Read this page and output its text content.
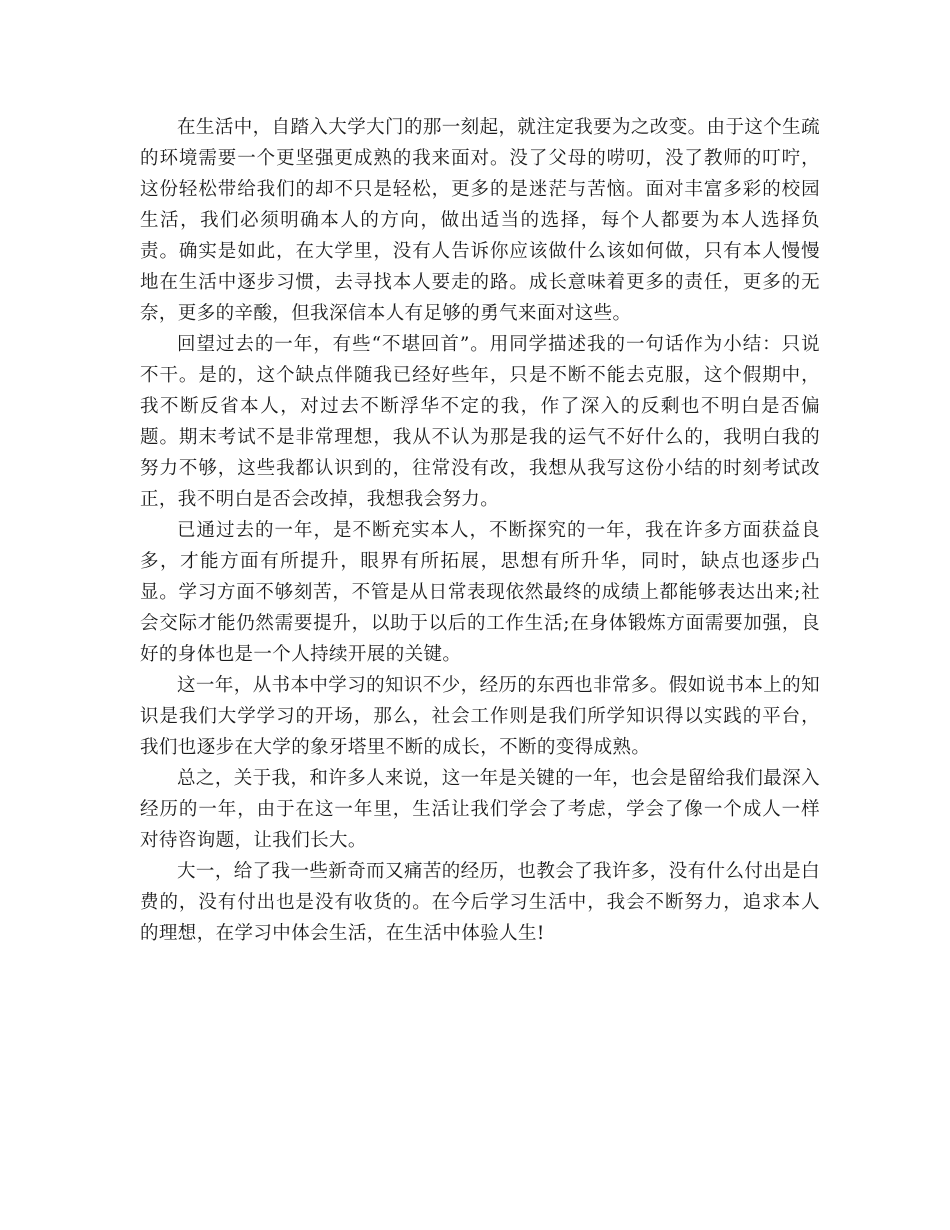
在生活中，自踏入大学大门的那一刻起，就注定我要为之改变。由于这个生疏的环境需要一个更坚强更成熟的我来面对。没了父母的唠叨，没了教师的叮咛，这份轻松带给我们的却不只是轻松，更多的是迷茫与苦恼。面对丰富多彩的校园生活，我们必须明确本人的方向，做出适当的选择，每个人都要为本人选择负责。确实是如此，在大学里，没有人告诉你应该做什么该如何做，只有本人慢慢地在生活中逐步习惯，去寻找本人要走的路。成长意味着更多的责任，更多的无奈，更多的辛酸，但我深信本人有足够的勇气来面对这些。

回望过去的一年，有些“不堪回首”。用同学描述我的一句话作为小结：只说不干。是的，这个缺点伴随我已经好些年，只是不断不能去克服，这个假期中，我不断反省本人，对过去不断浮华不定的我，作了深入的反剩也不明白是否偏题。期末考试不是非常理想，我从不认为那是我的运气不好什么的，我明白我的努力不够，这些我都认识到的，往常没有改，我想从我写这份小结的时刻考试改正，我不明白是否会改掉，我想我会努力。

已通过去的一年，是不断充实本人，不断探究的一年，我在许多方面获益良多，才能方面有所提升，眼界有所拓展，思想有所升华，同时，缺点也逐步凸显。学习方面不够刻苦，不管是从日常表现依然最终的成绩上都能够表达出来;社会交际才能仍然需要提升，以助于以后的工作生活;在身体锻炼方面需要加强，良好的身体也是一个人持续开展的关键。

这一年，从书本中学习的知识不少，经历的东西也非常多。假如说书本上的知识是我们大学学习的开场，那么，社会工作则是我们所学知识得以实践的平台，我们也逐步在大学的象牙塔里不断的成长，不断的变得成熟。

总之，关于我，和许多人来说，这一年是关键的一年，也会是留给我们最深入经历的一年，由于在这一年里，生活让我们学会了考虑，学会了像一个成人一样对待咨询题，让我们长大。

大一，给了我一些新奇而又痛苦的经历，也教会了我许多，没有什么付出是白费的，没有付出也是没有收货的。在今后学习生活中，我会不断努力，追求本人的理想，在学习中体会生活，在生活中体验人生!
